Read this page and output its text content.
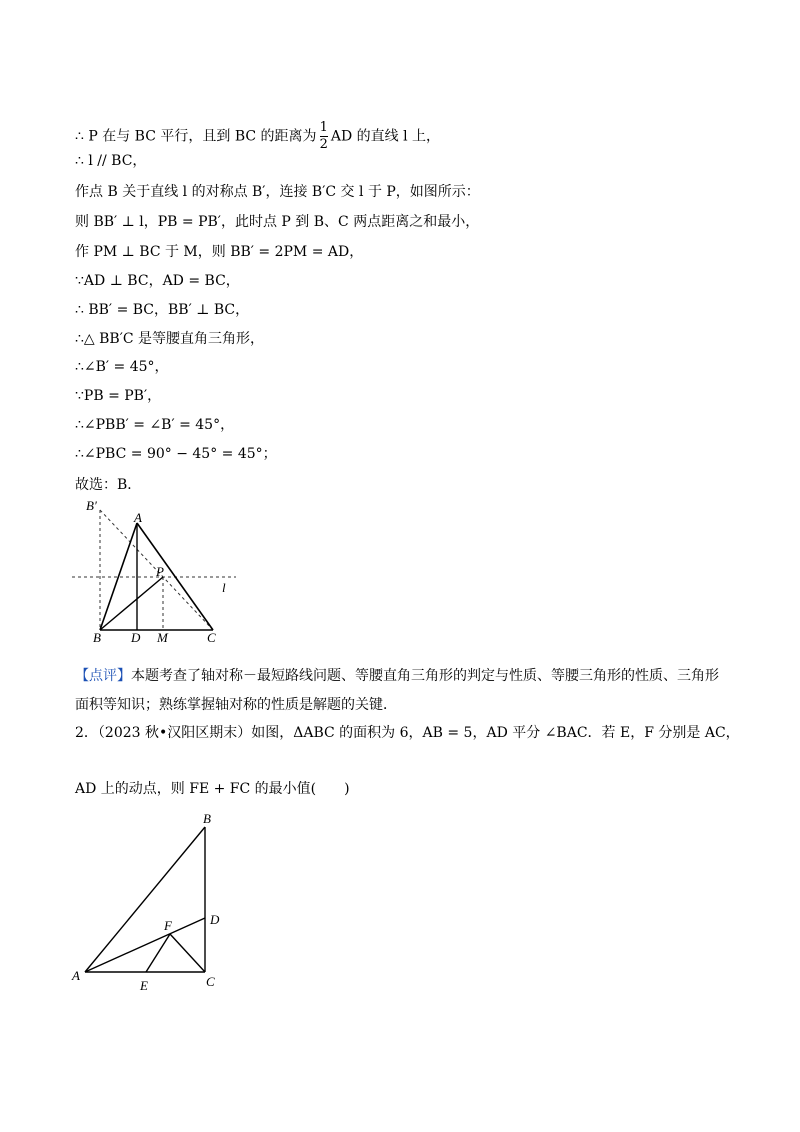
∴ P 在与 BC 平行，且到 BC 的距离为 $\frac{1}{2}$ AD 的直线 l 上，
∴ l // BC，
作点 B 关于直线 l 的对称点 B′，连接 B′C 交 l 于 P，如图所示：
则 BB′ ⊥ l，PB = PB′，此时点 P 到 B、C 两点距离之和最小，
作 PM ⊥ BC 于 M，则 BB′ = 2PM = AD，
∵AD ⊥ BC，AD = BC，
∴ BB′ = BC，BB′ ⊥ BC，
∴△ BB′C 是等腰直角三角形，
∴∠B′ = 45°，
∵PB = PB′，
∴∠PBB′ = ∠B′ = 45°，
∴∠PBC = 90° − 45° = 45°；
故选：B．
B′
A
P
l
B D M	C
【点评】本题考查了轴对称－最短路线问题、等腰直角三角形的判定与性质、等腰三角形的性质、三角形
面积等知识；熟练掌握轴对称的性质是解题的关键．
2．（2023 秋•汉阳区期末）如图，ΔABC 的面积为 6，AB = 5，AD 平分 ∠BAC．若 E，F 分别是 AC，
AD 上的动点，则 FE + FC 的最小值(　　)
B
D
F
A
E	C
